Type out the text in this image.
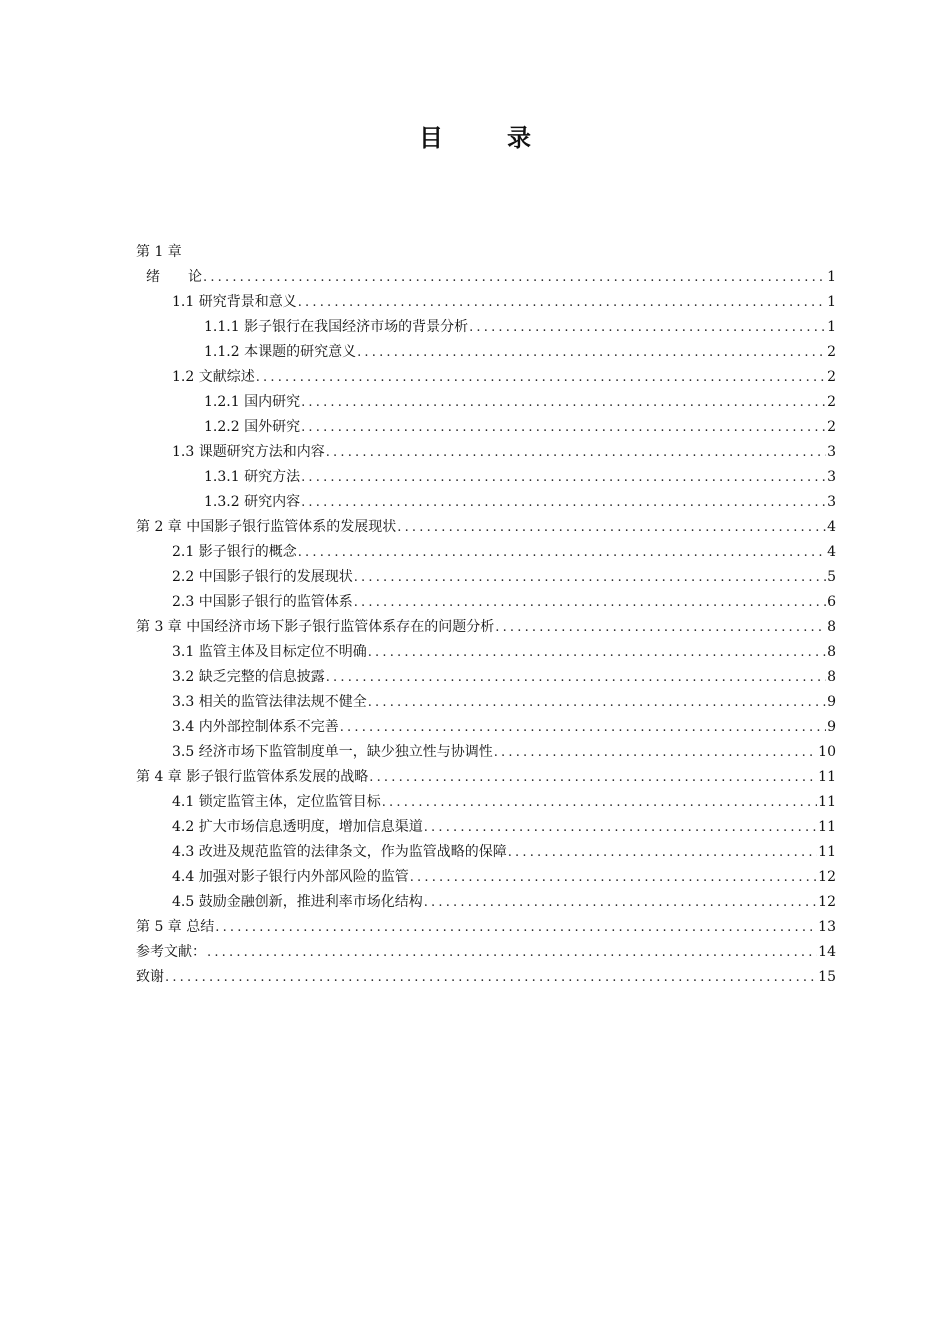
目　录
第 1 章
绪　　论 .....	1
1.1 研究背景和意义 .....	1
1.1.1 影子银行在我国经济市场的背景分析 .....	1
1.1.2 本课题的研究意义 .....	2
1.2 文献综述 .....	2
1.2.1 国内研究 .....	2
1.2.2 国外研究 .....	2
1.3 课题研究方法和内容 .....	3
1.3.1 研究方法 .....	3
1.3.2 研究内容 .....	3
第 2 章 中国影子银行监管体系的发展现状 .....	4
2.1 影子银行的概念 .....	4
2.2 中国影子银行的发展现状 .....	5
2.3 中国影子银行的监管体系 .....	6
第 3 章 中国经济市场下影子银行监管体系存在的问题分析 .....	8
3.1 监管主体及目标定位不明确 .....	8
3.2 缺乏完整的信息披露 .....	8
3.3 相关的监管法律法规不健全 .....	9
3.4 内外部控制体系不完善 .....	9
3.5 经济市场下监管制度单一，缺少独立性与协调性 .....	10
第 4 章 影子银行监管体系发展的战略 .....	11
4.1 锁定监管主体，定位监管目标 .....	11
4.2 扩大市场信息透明度，增加信息渠道 .....	11
4.3 改进及规范监管的法律条文，作为监管战略的保障 .....	11
4.4 加强对影子银行内外部风险的监管 .....	12
4.5 鼓励金融创新，推进利率市场化结构 .....	12
第 5 章 总结 .....	13
参考文献： .....	14
致谢 .....	15
